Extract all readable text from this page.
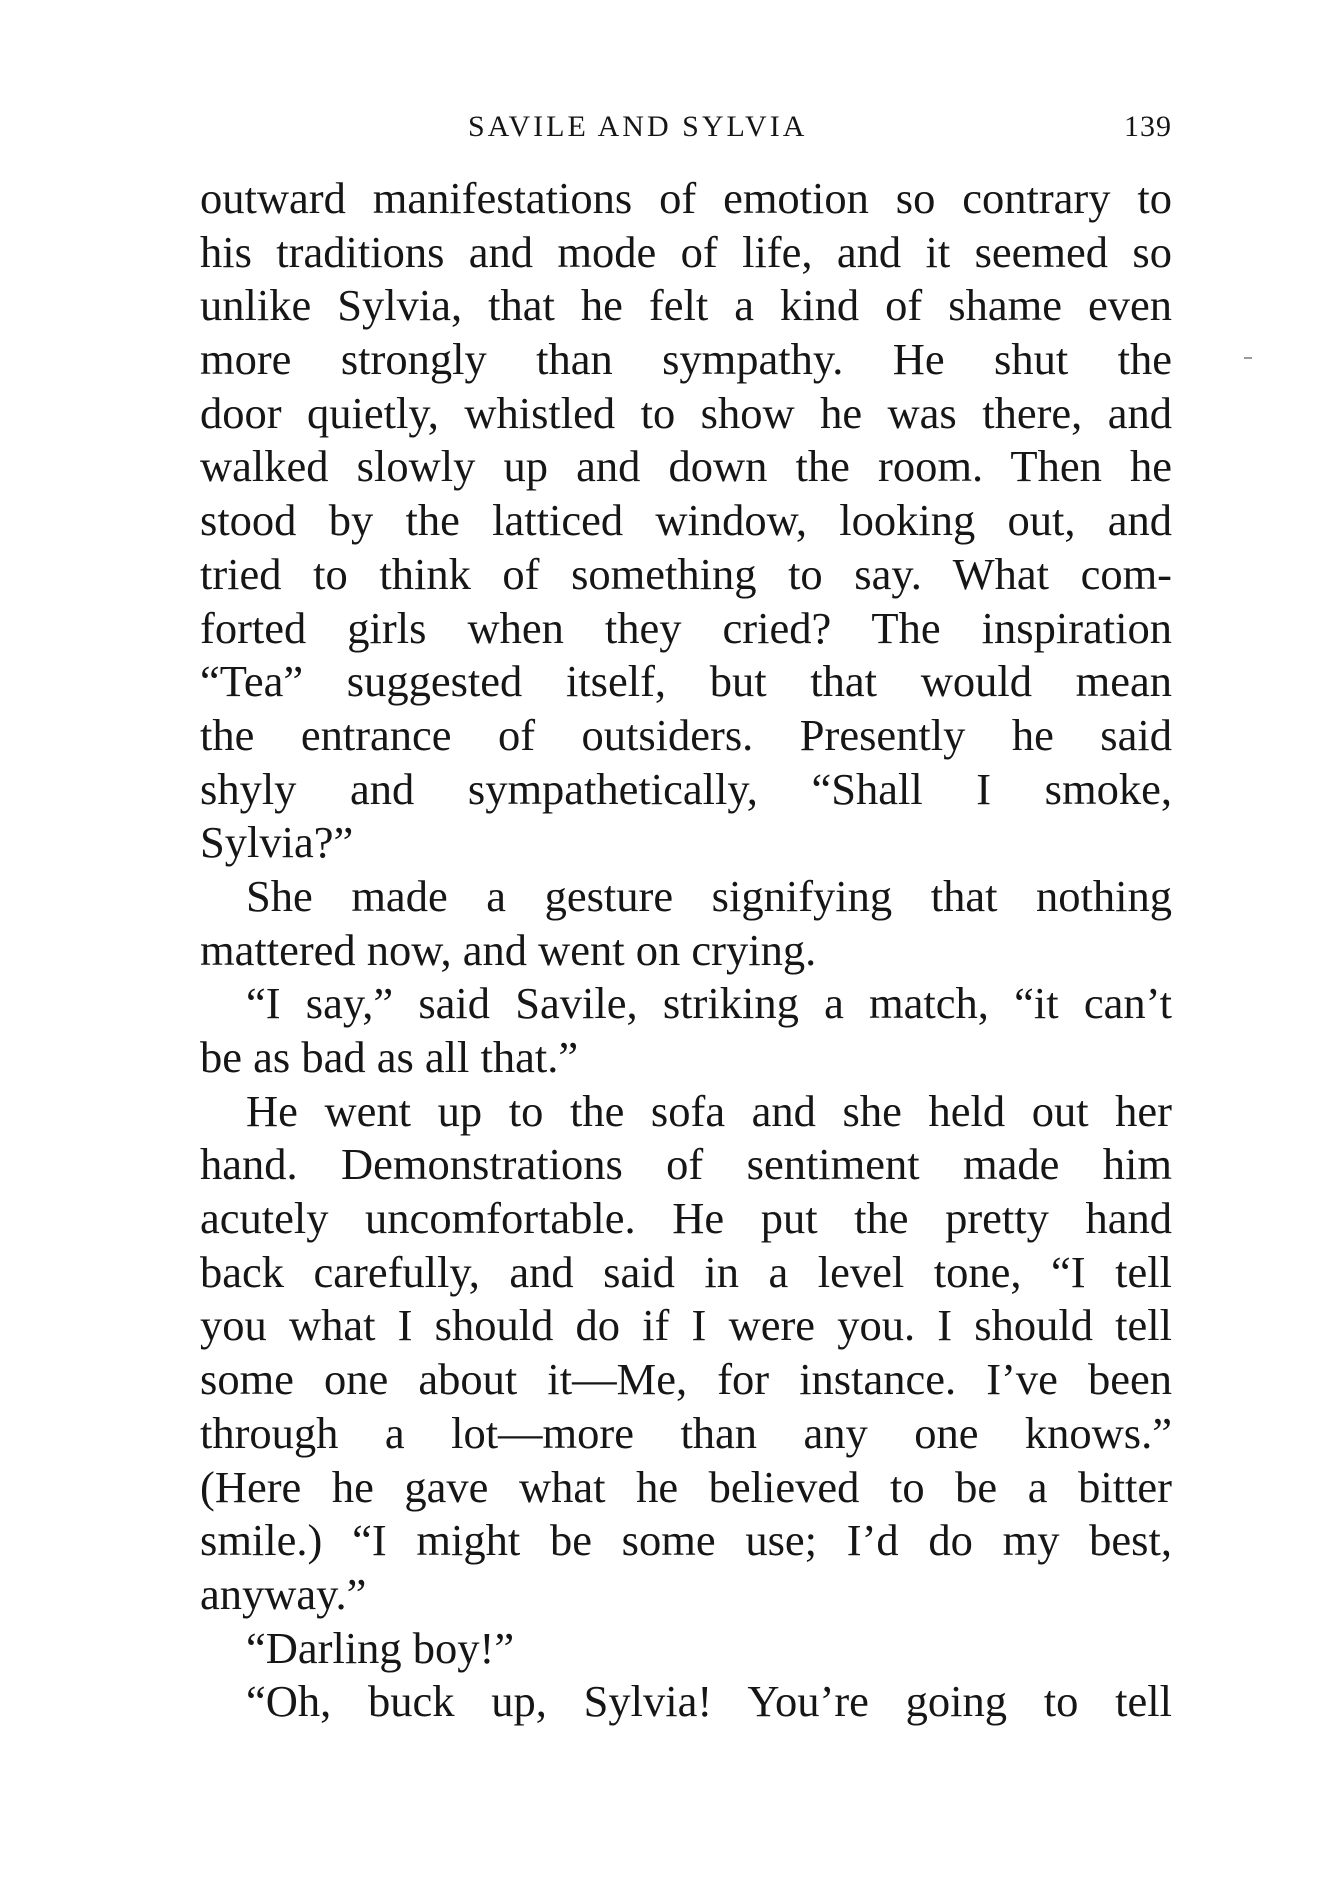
SAVILE AND SYLVIA	139
outward manifestations of emotion so contrary to
his traditions and mode of life, and it seemed so
unlike Sylvia, that he felt a kind of shame even
more strongly than sympathy. He shut the
door quietly, whistled to show he was there, and
walked slowly up and down the room. Then he
stood by the latticed window, looking out, and
tried to think of something to say. What com-
forted girls when they cried? The inspiration
“Tea” suggested itself, but that would mean
the entrance of outsiders. Presently he said
shyly and sympathetically, “Shall I smoke,
Sylvia?”
She made a gesture signifying that nothing
mattered now, and went on crying.
“I say,” said Savile, striking a match, “it can’t
be as bad as all that.”
He went up to the sofa and she held out her
hand. Demonstrations of sentiment made him
acutely uncomfortable. He put the pretty hand
back carefully, and said in a level tone, “I tell
you what I should do if I were you. I should tell
some one about it—Me, for instance. I’ve been
through a lot—more than any one knows.”
(Here he gave what he believed to be a bitter
smile.) “I might be some use; I’d do my best,
anyway.”
“Darling boy!”
“Oh, buck up, Sylvia! You’re going to tell
